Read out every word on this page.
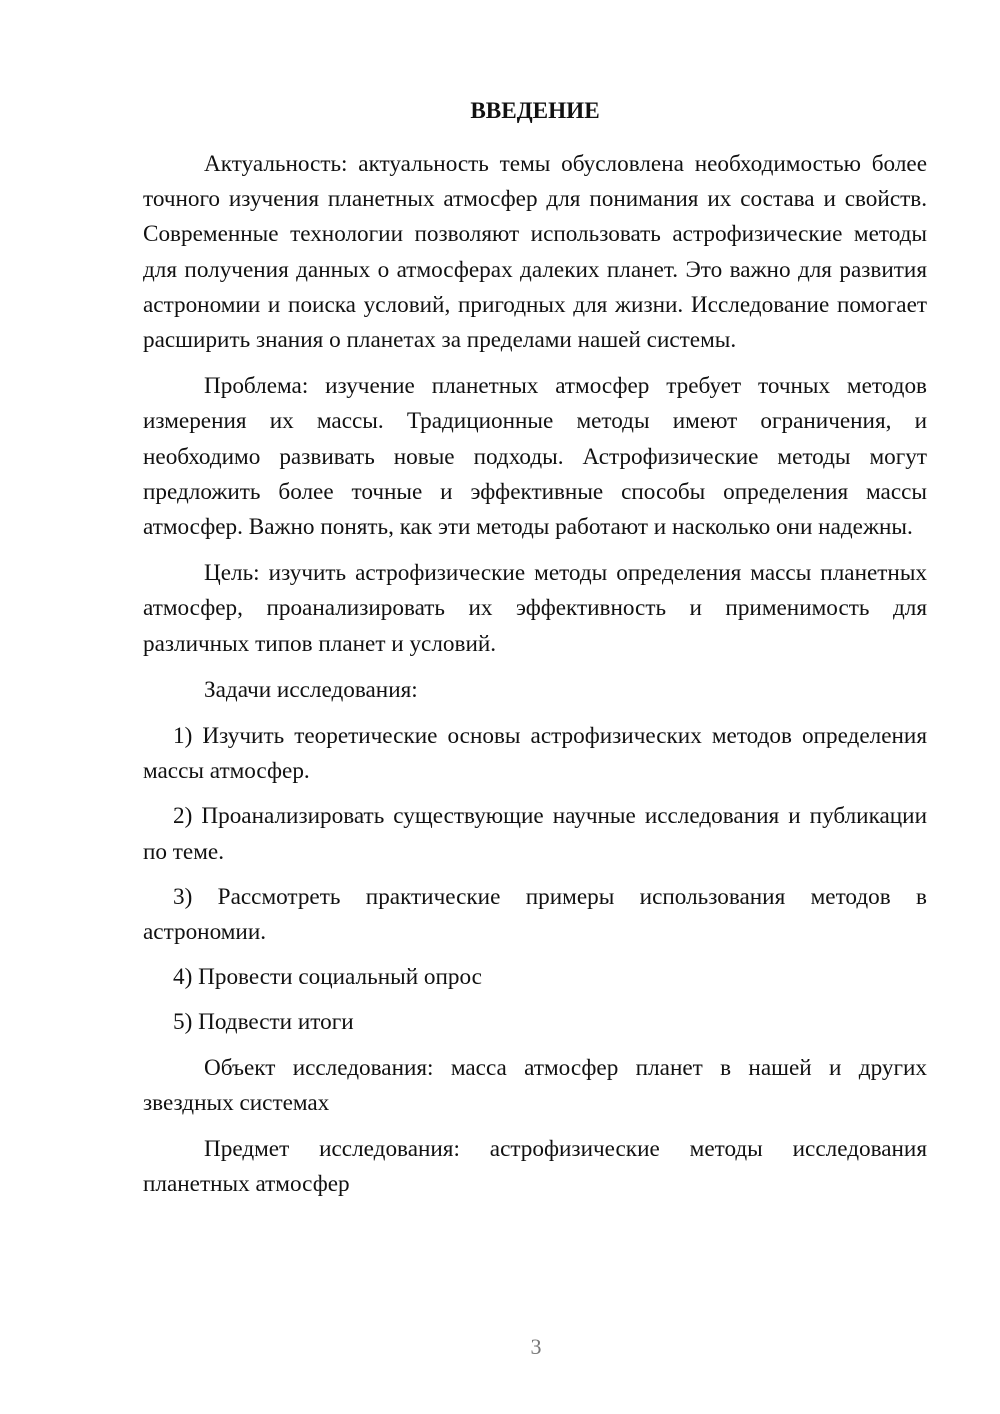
ВВЕДЕНИЕ

Актуальность: актуальность темы обусловлена необходимостью более точного изучения планетных атмосфер для понимания их состава и свойств. Современные технологии позволяют использовать астрофизические методы для получения данных о атмосферах далеких планет. Это важно для развития астрономии и поиска условий, пригодных для жизни. Исследование помогает расширить знания о планетах за пределами нашей системы.

Проблема: изучение планетных атмосфер требует точных методов измерения их массы. Традиционные методы имеют ограничения, и необходимо развивать новые подходы. Астрофизические методы могут предложить более точные и эффективные способы определения массы атмосфер. Важно понять, как эти методы работают и насколько они надежны.

Цель: изучить астрофизические методы определения массы планетных атмосфер, проанализировать их эффективность и применимость для различных типов планет и условий.

Задачи исследования:

1) Изучить теоретические основы астрофизических методов определения массы атмосфер.

2) Проанализировать существующие научные исследования и публикации по теме.

3) Рассмотреть практические примеры использования методов в астрономии.

4) Провести социальный опрос

5) Подвести итоги

Объект исследования: масса атмосфер планет в нашей и других звездных системах

Предмет исследования: астрофизические методы исследования планетных атмосфер

3
